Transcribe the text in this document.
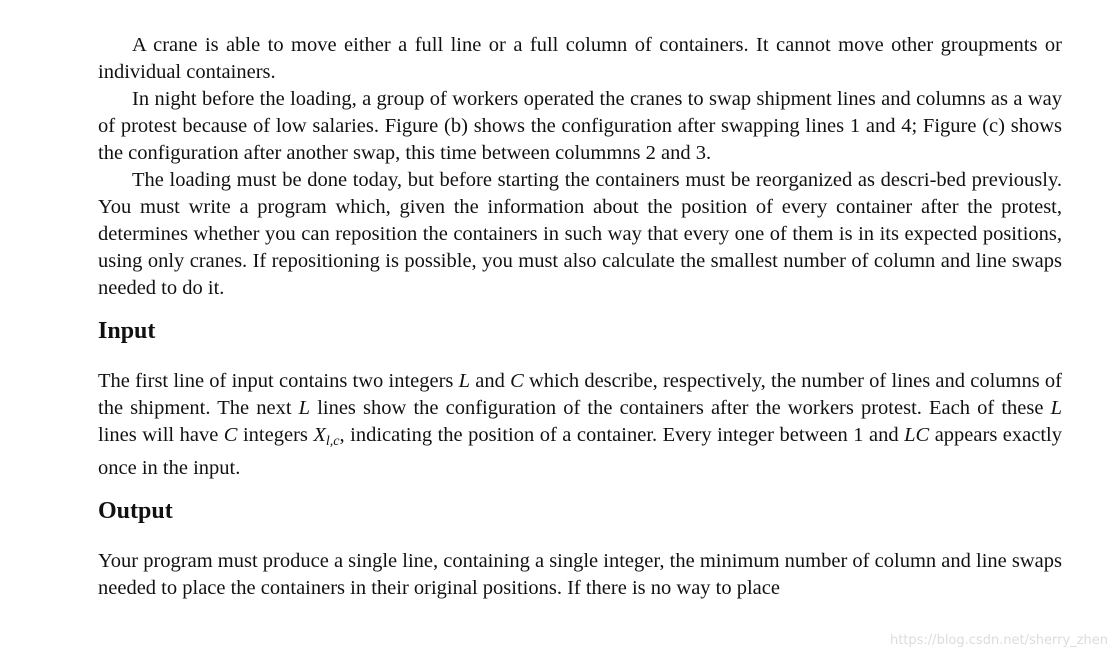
A crane is able to move either a full line or a full column of containers. It cannot move other groupments or individual containers.

In night before the loading, a group of workers operated the cranes to swap shipment lines and columns as a way of protest because of low salaries. Figure (b) shows the configuration after swapping lines 1 and 4; Figure (c) shows the configuration after another swap, this time between colummns 2 and 3.

The loading must be done today, but before starting the containers must be reorganized as descri-bed previously. You must write a program which, given the information about the position of every container after the protest, determines whether you can reposition the containers in such way that every one of them is in its expected positions, using only cranes. If repositioning is possible, you must also calculate the smallest number of column and line swaps needed to do it.

Input

The first line of input contains two integers L and C which describe, respectively, the number of lines and columns of the shipment. The next L lines show the configuration of the containers after the workers protest. Each of these L lines will have C integers $X_{l,c}$, indicating the position of a container. Every integer between 1 and LC appears exactly once in the input.

Output

Your program must produce a single line, containing a single integer, the minimum number of column and line swaps needed to place the containers in their original positions. If there is no way to place

https://blog.csdn.net/sherry_zhen
